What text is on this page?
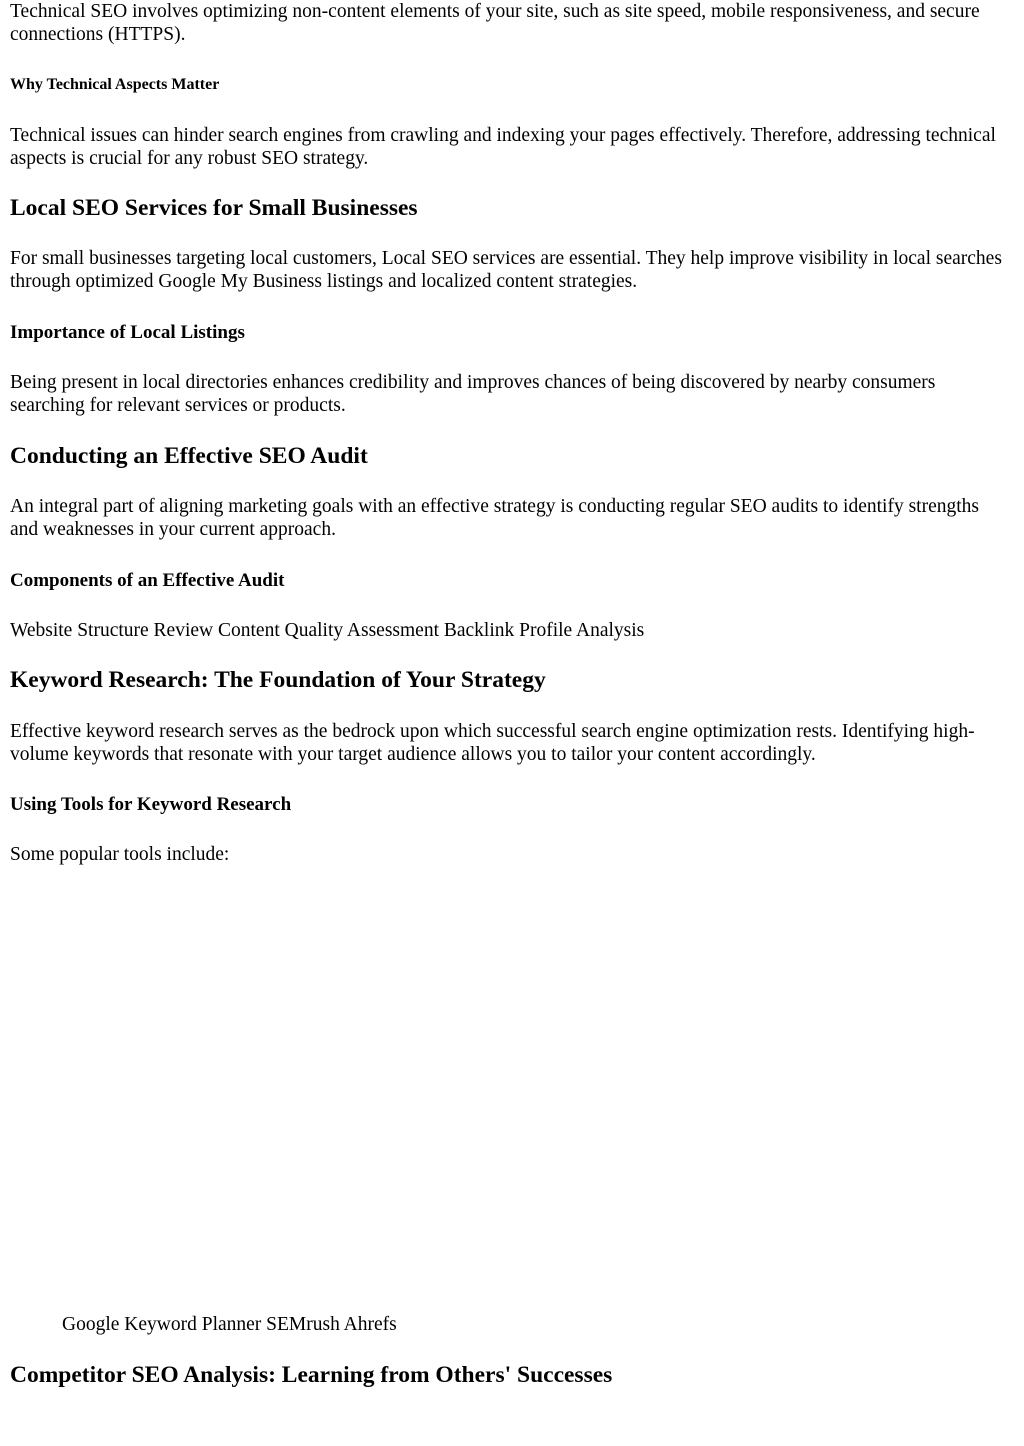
Technical SEO involves optimizing non-content elements of your site, such as site speed, mobile responsiveness, and secure connections (HTTPS).

Why Technical Aspects Matter

Technical issues can hinder search engines from crawling and indexing your pages effectively. Therefore, addressing technical aspects is crucial for any robust SEO strategy.

Local SEO Services for Small Businesses

For small businesses targeting local customers, Local SEO services are essential. They help improve visibility in local searches through optimized Google My Business listings and localized content strategies.

Importance of Local Listings

Being present in local directories enhances credibility and improves chances of being discovered by nearby consumers searching for relevant services or products.

Conducting an Effective SEO Audit

An integral part of aligning marketing goals with an effective strategy is conducting regular SEO audits to identify strengths and weaknesses in your current approach.

Components of an Effective Audit

Website Structure Review Content Quality Assessment Backlink Profile Analysis

Keyword Research: The Foundation of Your Strategy

Effective keyword research serves as the bedrock upon which successful search engine optimization rests. Identifying high-volume keywords that resonate with your target audience allows you to tailor your content accordingly.

Using Tools for Keyword Research

Some popular tools include:

Google Keyword Planner SEMrush Ahrefs

Competitor SEO Analysis: Learning from Others' Successes
